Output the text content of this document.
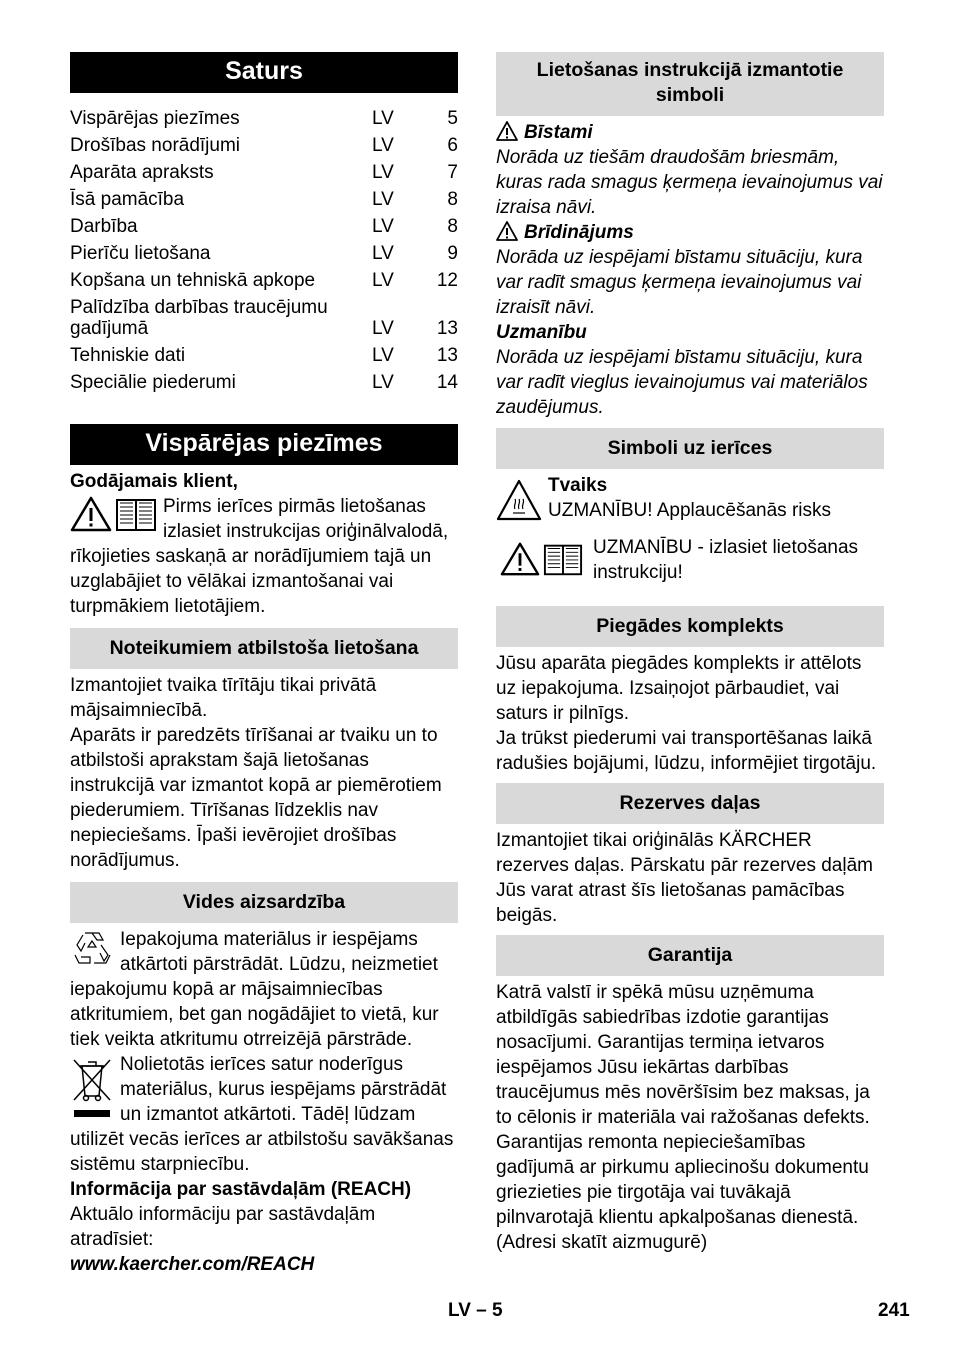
Saturs
Vispārējas piezīmes	LV	5
Drošības norādījumi	LV	6
Aparāta apraksts	LV	7
Īsā pamācība	LV	8
Darbība	LV	8
Pierīču lietošana	LV	9
Kopšana un tehniskā apkope	LV	12
Palīdzība darbības traucējumu gadījumā	LV	13
Tehniskie dati	LV	13
Speciālie piederumi	LV	14
Vispārējas piezīmes

Godājamais klient,

Pirms ierīces pirmās lietošanas izlasiet instrukcijas oriģinālvalodā, rīkojieties saskaņā ar norādījumiem tajā un uzglabājiet to vēlākai izmantošanai vai turpmākiem lietotājiem.

Noteikumiem atbilstoša lietošana

Izmantojiet tvaika tīrītāju tikai privātā mājsaimniecībā.

Aparāts ir paredzēts tīrīšanai ar tvaiku un to atbilstoši aprakstam šajā lietošanas instrukcijā var izmantot kopā ar piemērotiem piederumiem. Tīrīšanas līdzeklis nav nepieciešams. Īpaši ievērojiet drošības norādījumus.

Vides aizsardzība

Iepakojuma materiālus ir iespējams atkārtoti pārstrādāt. Lūdzu, neizmetiet iepakojumu kopā ar mājsaimniecības atkritumiem, bet gan nogādājiet to vietā, kur tiek veikta atkritumu otrreizējā pārstrāde.

Nolietotās ierīces satur noderīgus materiālus, kurus iespējams pārstrādāt un izmantot atkārtoti. Tādēļ lūdzam utilizēt vecās ierīces ar atbilstošu savākšanas sistēmu starpniecību.

Informācija par sastāvdaļām (REACH)

Aktuālo informāciju par sastāvdaļām atradīsiet:

www.kaercher.com/REACH

Lietošanas instrukcijā izmantotie simboli

Bīstami

Norāda uz tiešām draudošām briesmām, kuras rada smagus ķermeņa ievainojumus vai izraisa nāvi.

Brīdinājums

Norāda uz iespējami bīstamu situāciju, kura var radīt smagus ķermeņa ievainojumus vai izraisīt nāvi.

Uzmanību

Norāda uz iespējami bīstamu situāciju, kura var radīt vieglus ievainojumus vai materiālos zaudējumus.

Simboli uz ierīces

Tvaiks

UZMANĪBU! Applaucēšanās risks

UZMANĪBU - izlasiet lietošanas instrukciju!

Piegādes komplekts

Jūsu aparāta piegādes komplekts ir attēlots uz iepakojuma. Izsaiņojot pārbaudiet, vai saturs ir pilnīgs.

Ja trūkst piederumi vai transportēšanas laikā radušies bojājumi, lūdzu, informējiet tirgotāju.

Rezerves daļas

Izmantojiet tikai oriģinālās KÄRCHER rezerves daļas. Pārskatu pār rezerves daļām Jūs varat atrast šīs lietošanas pamācības beigās.

Garantija

Katrā valstī ir spēkā mūsu uzņēmuma atbildīgās sabiedrības izdotie garantijas nosacījumi. Garantijas termiņa ietvaros iespējamos Jūsu iekārtas darbības traucējumus mēs novēršīsim bez maksas, ja to cēlonis ir materiāla vai ražošanas defekts. Garantijas remonta nepieciešamības gadījumā ar pirkumu apliecinošu dokumentu griezieties pie tirgotāja vai tuvākajā pilnvarotajā klientu apkalpošanas dienestā.

(Adresi skatīt aizmugurē)

LV – 5	241
